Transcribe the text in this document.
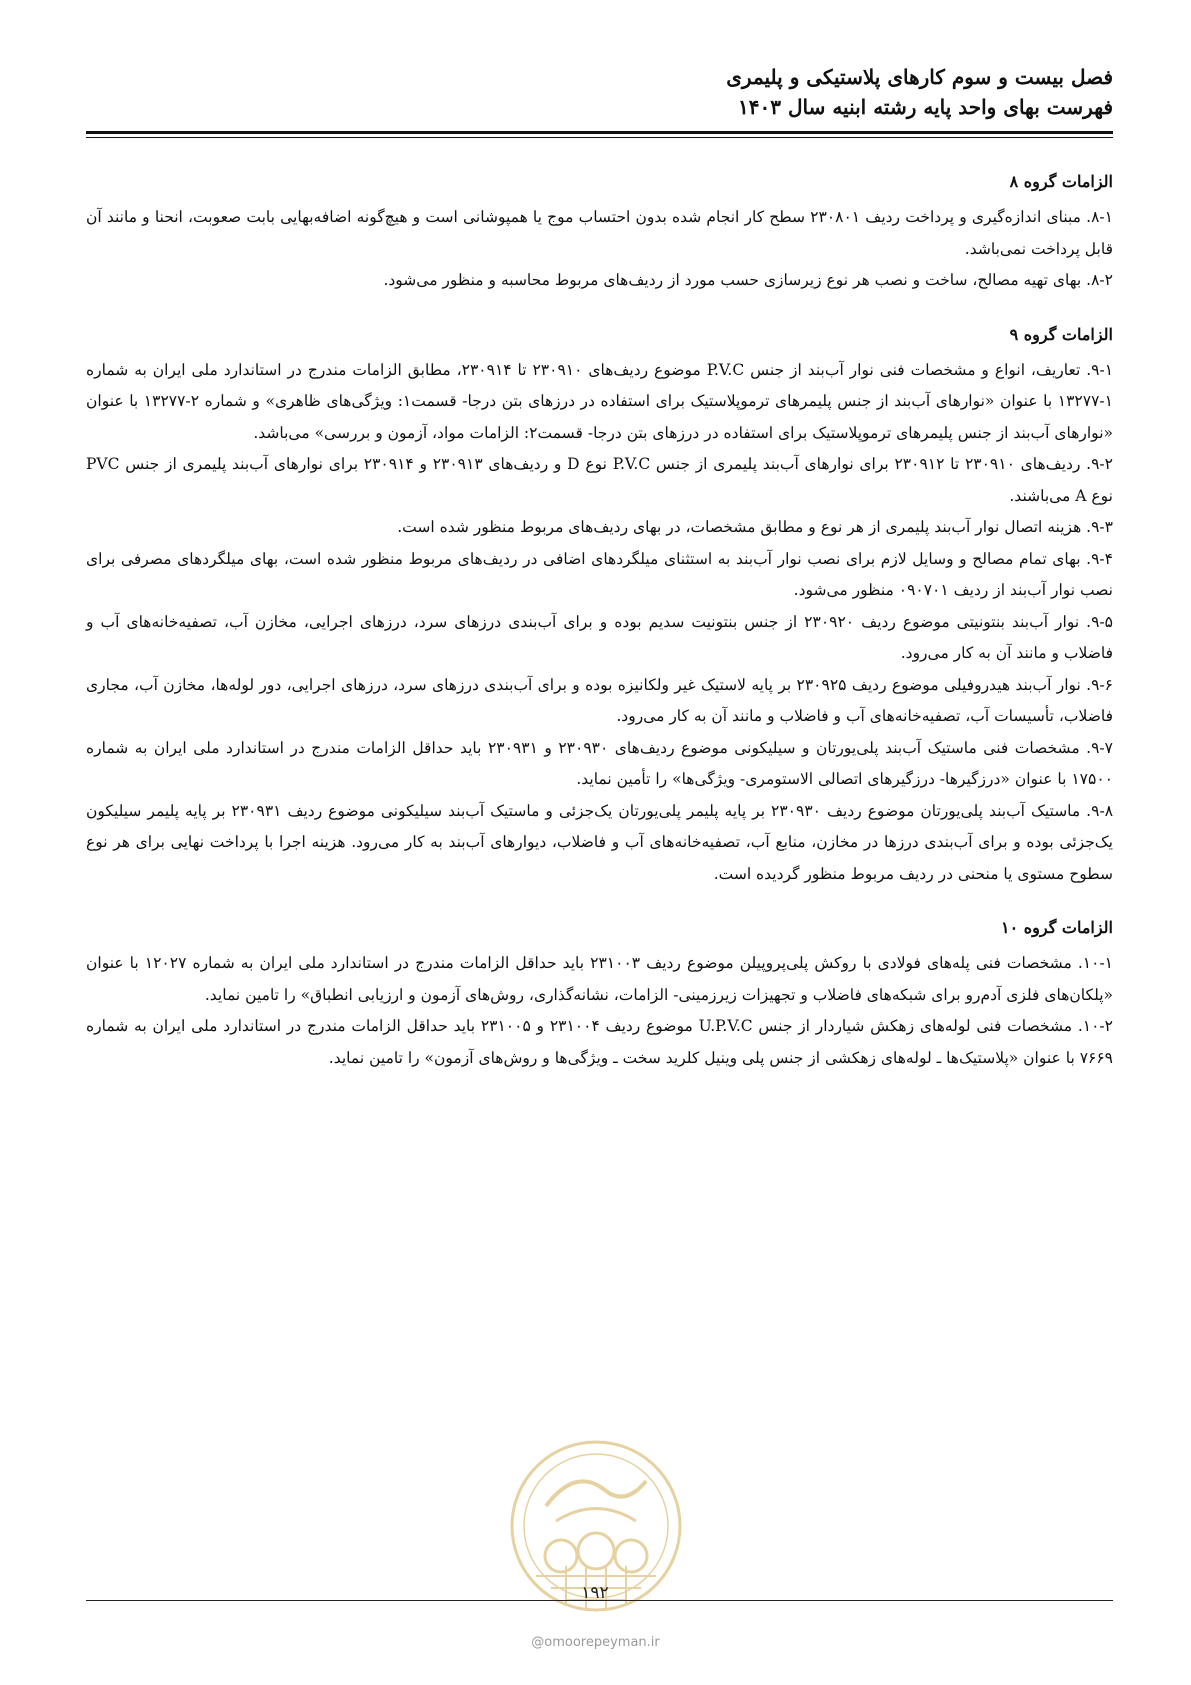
فصل بیست و سوم کارهای پلاستیکی و پلیمری
فهرست بهای واحد پایه رشته ابنیه سال ۱۴۰۳
الزامات گروه ۸

۸-۱. مبنای اندازه‌گیری و پرداخت ردیف ۲۳۰۸۰۱ سطح کار انجام شده بدون احتساب موج یا همپوشانی است و هیچ‌گونه اضافه‌بهایی بابت صعوبت، انحنا و مانند آن قابل پرداخت نمی‌باشد.

۸-۲. بهای تهیه مصالح، ساخت و نصب هر نوع زیرسازی حسب مورد از ردیف‌های مربوط محاسبه و منظور می‌شود.

الزامات گروه ۹

۹-۱. تعاریف، انواع و مشخصات فنی نوار آب‌بند از جنس P.V.C موضوع ردیف‌های ۲۳۰۹۱۰ تا ۲۳۰۹۱۴، مطابق الزامات مندرج در استاندارد ملی ایران به شماره ۱-۱۳۲۷۷ با عنوان «نوارهای آب‌بند از جنس پلیمرهای ترموپلاستیک برای استفاده در درزهای بتن درجا- قسمت۱: ویژگی‌های ظاهری» و شماره ۲-۱۳۲۷۷ با عنوان «نوارهای آب‌بند از جنس پلیمرهای ترموپلاستیک برای استفاده در درزهای بتن درجا- قسمت۲: الزامات مواد، آزمون و بررسی» می‌باشد.

۹-۲. ردیف‌های ۲۳۰۹۱۰ تا ۲۳۰۹۱۲ برای نوارهای آب‌بند پلیمری از جنس P.V.C نوع D و ردیف‌های ۲۳۰۹۱۳ و ۲۳۰۹۱۴ برای نوارهای آب‌بند پلیمری از جنس PVC نوع A می‌باشند.

۹-۳. هزینه اتصال نوار آب‌بند پلیمری از هر نوع و مطابق مشخصات، در بهای ردیف‌های مربوط منظور شده است.

۹-۴. بهای تمام مصالح و وسایل لازم برای نصب نوار آب‌بند به استثنای میلگردهای اضافی در ردیف‌های مربوط منظور شده است، بهای میلگردهای مصرفی برای نصب نوار آب‌بند از ردیف ۰۹۰۷۰۱ منظور می‌شود.

۹-۵. نوار آب‌بند بنتونیتی موضوع ردیف ۲۳۰۹۲۰ از جنس بنتونیت سدیم بوده و برای آب‌بندی درزهای سرد، درزهای اجرایی، مخازن آب، تصفیه‌خانه‌های آب و فاضلاب و مانند آن به کار می‌رود.

۹-۶. نوار آب‌بند هیدروفیلی موضوع ردیف ۲۳۰۹۲۵ بر پایه لاستیک غیر ولکانیزه بوده و برای آب‌بندی درزهای سرد، درزهای اجرایی، دور لوله‌ها، مخازن آب، مجاری فاضلاب، تأسیسات آب، تصفیه‌خانه‌های آب و فاضلاب و مانند آن به کار می‌رود.

۹-۷. مشخصات فنی ماستیک آب‌بند پلی‌یورتان و سیلیکونی موضوع ردیف‌های ۲۳۰۹۳۰ و ۲۳۰۹۳۱ باید حداقل الزامات مندرج در استاندارد ملی ایران به شماره ۱۷۵۰۰ با عنوان «درزگیرها- درزگیرهای اتصالی الاستومری- ویژگی‌ها» را تأمین نماید.

۹-۸. ماستیک آب‌بند پلی‌یورتان موضوع ردیف ۲۳۰۹۳۰ بر پایه پلیمر پلی‌یورتان یک‌جزئی و ماستیک آب‌بند سیلیکونی موضوع ردیف ۲۳۰۹۳۱ بر پایه پلیمر سیلیکون یک‌جزئی بوده و برای آب‌بندی درزها در مخازن، منابع آب، تصفیه‌خانه‌های آب و فاضلاب، دیوارهای آب‌بند به کار می‌رود. هزینه اجرا با پرداخت نهایی برای هر نوع سطوح مستوی یا منحنی در ردیف مربوط منظور گردیده است.

الزامات گروه ۱۰

۱۰-۱. مشخصات فنی پله‌های فولادی با روکش پلی‌پروپیلن موضوع ردیف ۲۳۱۰۰۳ باید حداقل الزامات مندرج در استاندارد ملی ایران به شماره ۱۲۰۲۷ با عنوان «پلکان‌های فلزی آدم‌رو برای شبکه‌های فاضلاب و تجهیزات زیرزمینی- الزامات، نشانه‌گذاری، روش‌های آزمون و ارزیابی انطباق» را تامین نماید.

۱۰-۲. مشخصات فنی لوله‌های زهکش شیاردار از جنس U.P.V.C موضوع ردیف ۲۳۱۰۰۴ و ۲۳۱۰۰۵ باید حداقل الزامات مندرج در استاندارد ملی ایران به شماره ۷۶۶۹ با عنوان «پلاستیک‌ها ـ لوله‌های زهکشی از جنس پلی وینیل کلرید سخت ـ ویژگی‌ها و روش‌های آزمون» را تامین نماید.

۱۹۲
@omoorepeyman.ir
